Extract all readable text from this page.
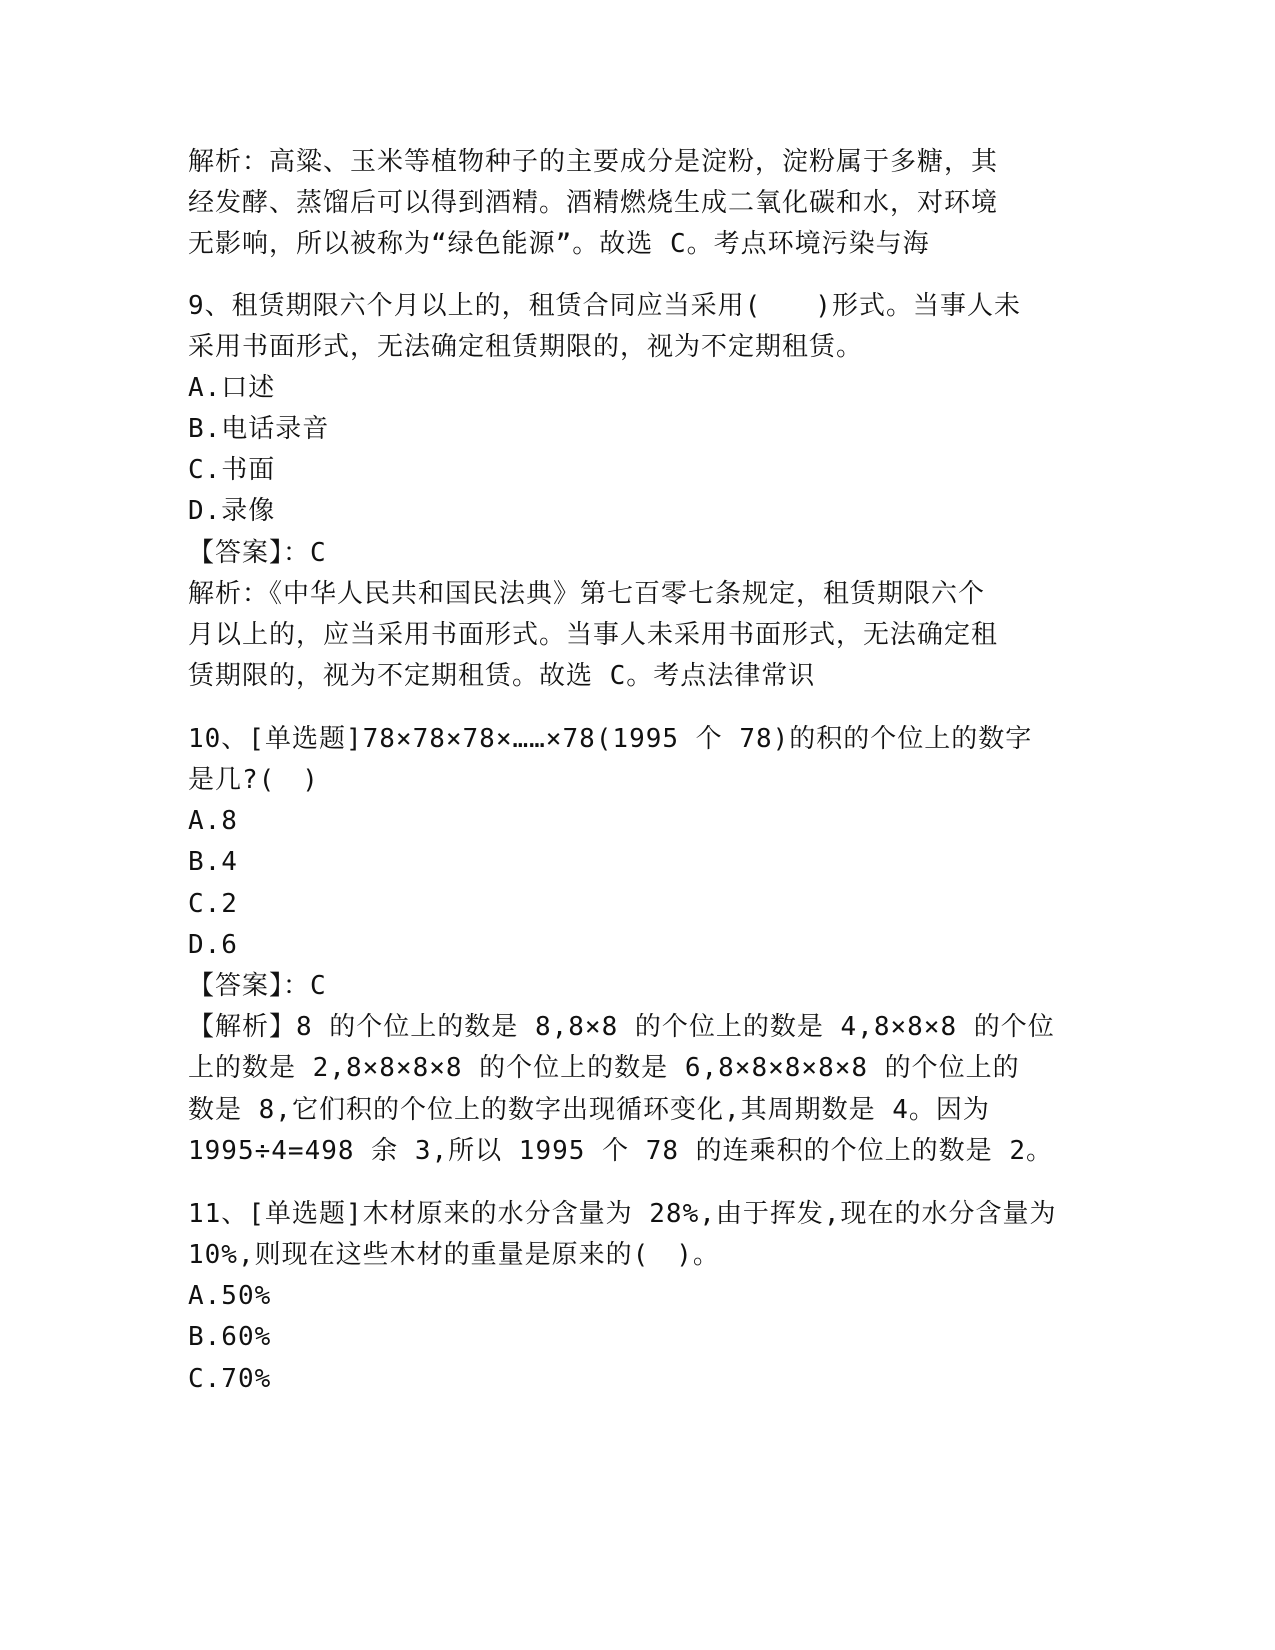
解析：高粱、玉米等植物种子的主要成分是淀粉，淀粉属于多糖，其
经发酵、蒸馏后可以得到酒精。酒精燃烧生成二氧化碳和水，对环境
无影响，所以被称为“绿色能源”。故选 C。考点环境污染与海
9、租赁期限六个月以上的，租赁合同应当采用(　　)形式。当事人未
采用书面形式，无法确定租赁期限的，视为不定期租赁。
A.口述
B.电话录音
C.书面
D.录像
【答案】：C
解析：《中华人民共和国民法典》第七百零七条规定，租赁期限六个
月以上的，应当采用书面形式。当事人未采用书面形式，无法确定租
赁期限的，视为不定期租赁。故选 C。考点法律常识
10、[单选题]78×78×78×……×78(1995 个 78)的积的个位上的数字
是几?(　)
A.8
B.4
C.2
D.6
【答案】：C
【解析】8 的个位上的数是 8,8×8 的个位上的数是 4,8×8×8 的个位
上的数是 2,8×8×8×8 的个位上的数是 6,8×8×8×8×8 的个位上的
数是 8,它们积的个位上的数字出现循环变化,其周期数是 4。因为
1995÷4=498 余 3,所以 1995 个 78 的连乘积的个位上的数是 2。
11、[单选题]木材原来的水分含量为 28%,由于挥发,现在的水分含量为
10%,则现在这些木材的重量是原来的(　)。
A.50%
B.60%
C.70%
